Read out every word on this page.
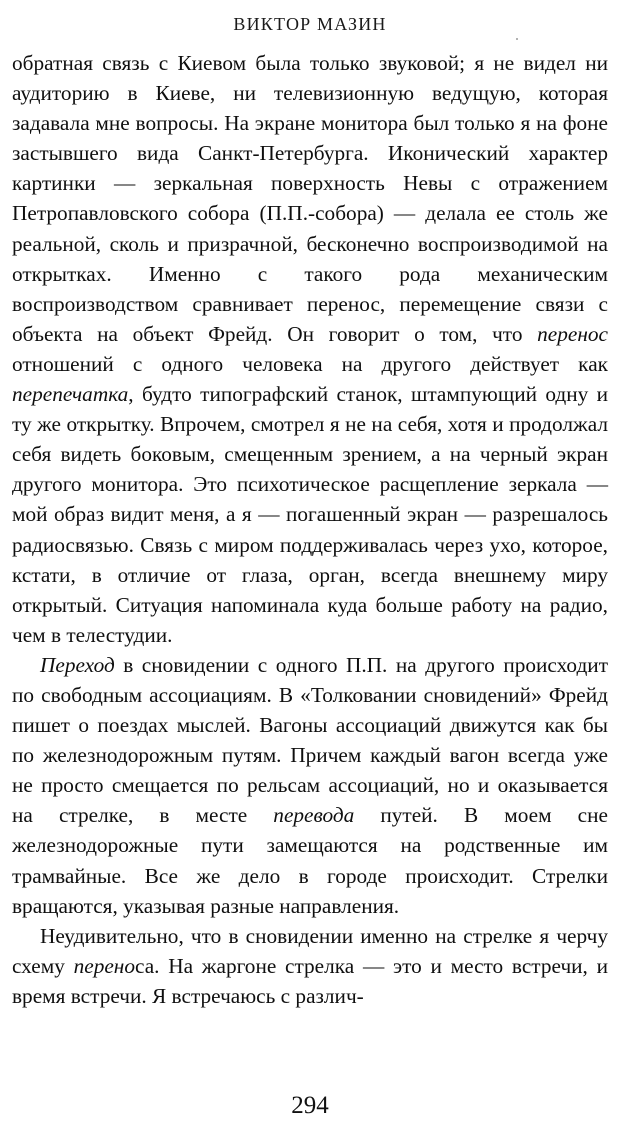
ВИКТОР МАЗИН

обратная связь с Киевом была только звуковой; я не видел ни аудиторию в Киеве, ни телевизионную ведущую, которая задавала мне вопросы. На экране монитора был только я на фоне застывшего вида Санкт-Петербурга. Иконический характер картинки — зеркальная поверхность Невы с отражением Петропавловского собора (П.П.-собора) — делала ее столь же реальной, сколь и призрачной, бесконечно воспроизводимой на открытках. Именно с такого рода механическим воспроизводством сравнивает перенос, перемещение связи с объекта на объект Фрейд. Он говорит о том, что перенос отношений с одного человека на другого действует как перепечатка, будто типографский станок, штампующий одну и ту же открытку. Впрочем, смотрел я не на себя, хотя и продолжал себя видеть боковым, смещенным зрением, а на черный экран другого монитора. Это психотическое расщепление зеркала — мой образ видит меня, а я — погашенный экран — разрешалось радиосвязью. Связь с миром поддерживалась через ухо, которое, кстати, в отличие от глаза, орган, всегда внешнему миру открытый. Ситуация напоминала куда больше работу на радио, чем в телестудии.

Переход в сновидении с одного П.П. на другого происходит по свободным ассоциациям. В «Толковании сновидений» Фрейд пишет о поездах мыслей. Вагоны ассоциаций движутся как бы по железнодорожным путям. Причем каждый вагон всегда уже не просто смещается по рельсам ассоциаций, но и оказывается на стрелке, в месте перевода путей. В моем сне железнодорожные пути замещаются на родственные им трамвайные. Все же дело в городе происходит. Стрелки вращаются, указывая разные направления.

Неудивительно, что в сновидении именно на стрелке я черчу схему переноса. На жаргоне стрелка — это и место встречи, и время встречи. Я встречаюсь с различ-

294
